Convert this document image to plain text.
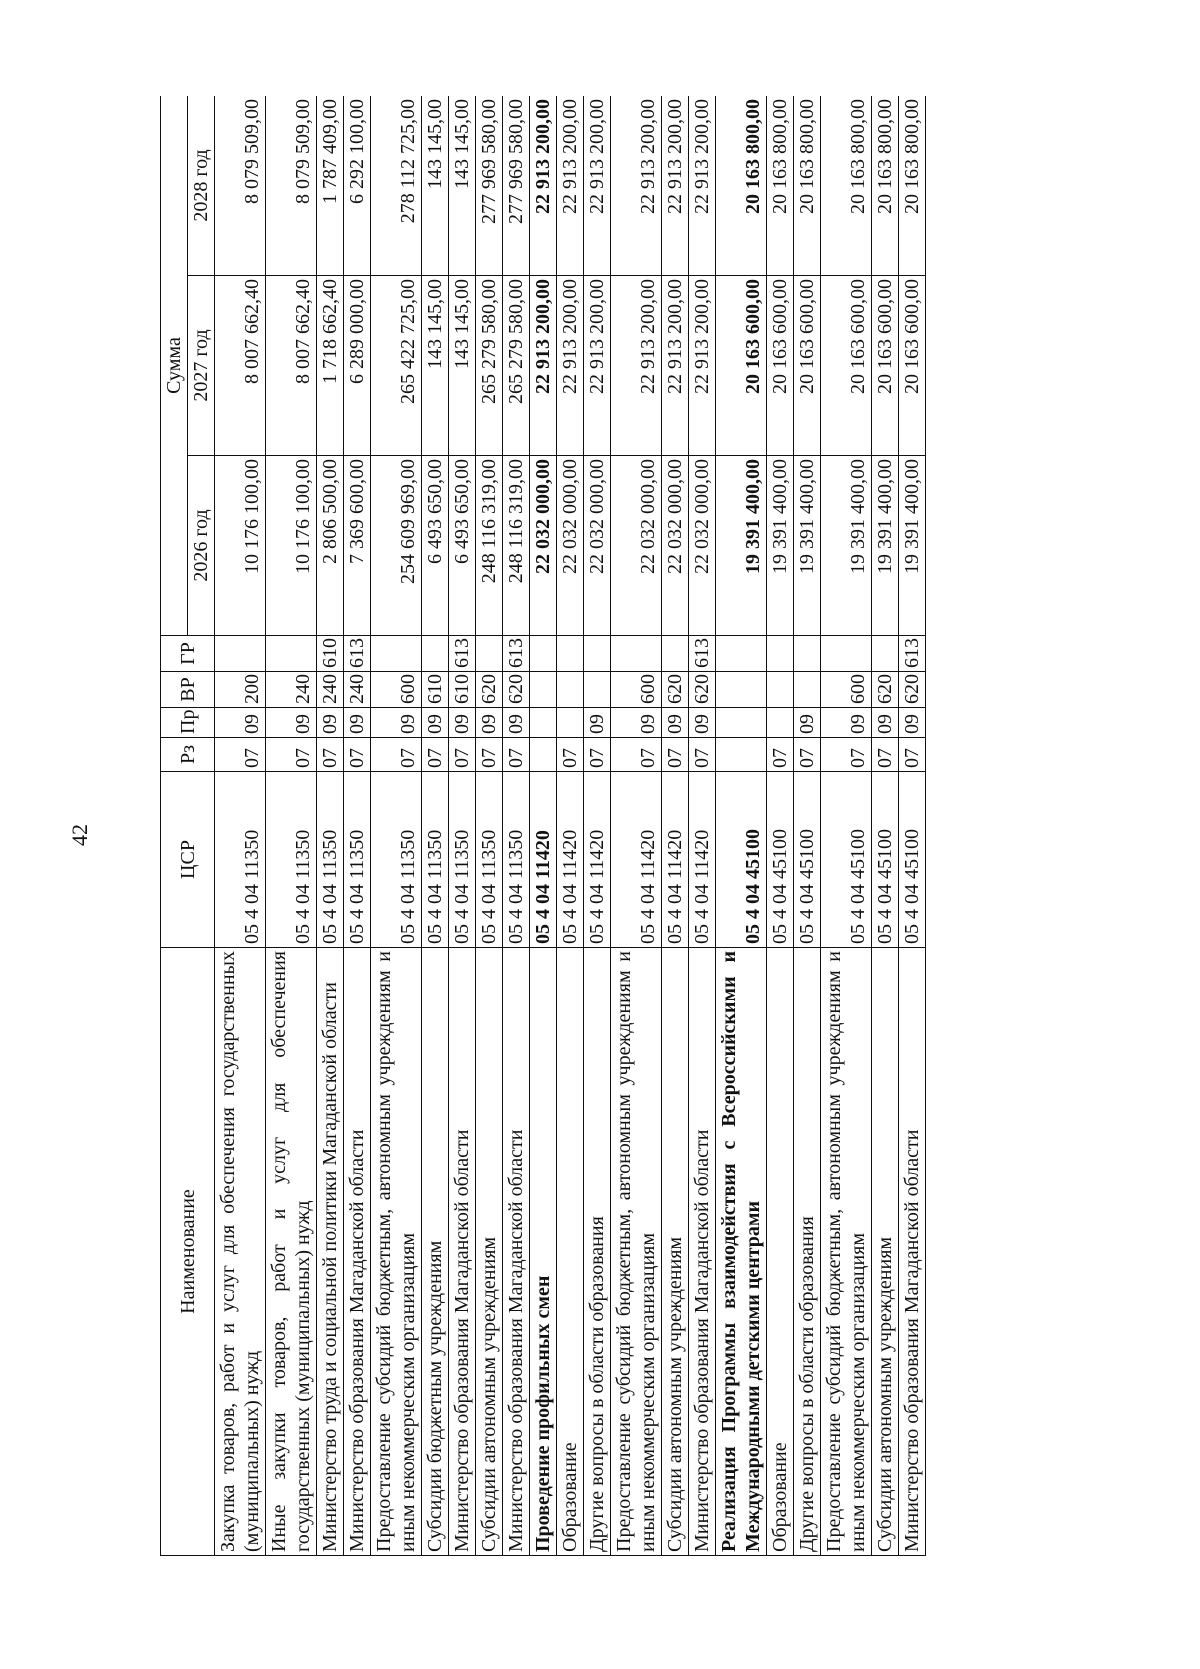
42
Наименование	ЦСР	Рз	Пр	ВР	ГР	Сумма		
						2026 год	2027 год	2028 год
Закупка товаров, работ и услуг для обеспечения государственных (муниципальных) нужд	05 4 04 11350	07	09	200		10 176 100,00	8 007 662,40	8 079 509,00
Иные закупки товаров, работ и услуг для обеспечения государственных (муниципальных) нужд	05 4 04 11350	07	09	240		10 176 100,00	8 007 662,40	8 079 509,00
Министерство труда и социальной политики Магаданской области	05 4 04 11350	07	09	240	610	2 806 500,00	1 718 662,40	1 787 409,00
Министерство образования Магаданской области	05 4 04 11350	07	09	240	613	7 369 600,00	6 289 000,00	6 292 100,00
Предоставление субсидий бюджетным, автономным учреждениям и иным некоммерческим организациям	05 4 04 11350	07	09	600		254 609 969,00	265 422 725,00	278 112 725,00
Субсидии бюджетным учреждениям	05 4 04 11350	07	09	610		6 493 650,00	143 145,00	143 145,00
Министерство образования Магаданской области	05 4 04 11350	07	09	610	613	6 493 650,00	143 145,00	143 145,00
Субсидии автономным учреждениям	05 4 04 11350	07	09	620		248 116 319,00	265 279 580,00	277 969 580,00
Министерство образования Магаданской области	05 4 04 11350	07	09	620	613	248 116 319,00	265 279 580,00	277 969 580,00
Проведение профильных смен	05 4 04 11420					22 032 000,00	22 913 200,00	22 913 200,00
Образование	05 4 04 11420	07				22 032 000,00	22 913 200,00	22 913 200,00
Другие вопросы в области образования	05 4 04 11420	07	09			22 032 000,00	22 913 200,00	22 913 200,00
Предоставление субсидий бюджетным, автономным учреждениям и иным некоммерческим организациям	05 4 04 11420	07	09	600		22 032 000,00	22 913 200,00	22 913 200,00
Субсидии автономным учреждениям	05 4 04 11420	07	09	620		22 032 000,00	22 913 200,00	22 913 200,00
Министерство образования Магаданской области	05 4 04 11420	07	09	620	613	22 032 000,00	22 913 200,00	22 913 200,00
Реализация Программы взаимодействия с Всероссийскими и Международными детскими центрами	05 4 04 45100					19 391 400,00	20 163 600,00	20 163 800,00
Образование	05 4 04 45100	07				19 391 400,00	20 163 600,00	20 163 800,00
Другие вопросы в области образования	05 4 04 45100	07	09			19 391 400,00	20 163 600,00	20 163 800,00
Предоставление субсидий бюджетным, автономным учреждениям и иным некоммерческим организациям	05 4 04 45100	07	09	600		19 391 400,00	20 163 600,00	20 163 800,00
Субсидии автономным учреждениям	05 4 04 45100	07	09	620		19 391 400,00	20 163 600,00	20 163 800,00
Министерство образования Магаданской области	05 4 04 45100	07	09	620	613	19 391 400,00	20 163 600,00	20 163 800,00
